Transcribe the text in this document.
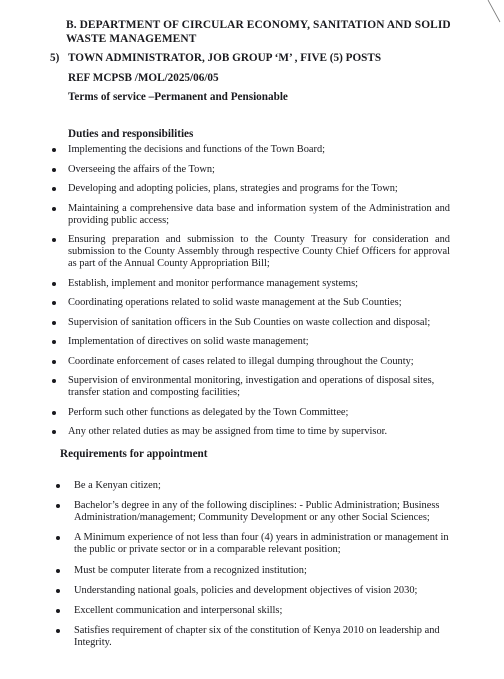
B. DEPARTMENT OF CIRCULAR ECONOMY, SANITATION AND SOLID
WASTE MANAGEMENT
5) TOWN ADMINISTRATOR, JOB GROUP ‘M’ , FIVE (5) POSTS
REF MCPSB /MOL/2025/06/05
Terms of service –Permanent and Pensionable
Duties and responsibilities
Implementing the decisions and functions of the Town Board;
Overseeing the affairs of the Town;
Developing and adopting policies, plans, strategies and programs for the Town;
Maintaining a comprehensive data base and information system of the Administration and providing public access;
Ensuring preparation and submission to the County Treasury for consideration and submission to the County Assembly through respective County Chief Officers for approval as part of the Annual County Appropriation Bill;
Establish, implement and monitor performance management systems;
Coordinating operations related to solid waste management at the Sub Counties;
Supervision of sanitation officers in the Sub Counties on waste collection and disposal;
Implementation of directives on solid waste management;
Coordinate enforcement of cases related to illegal dumping throughout the County;
Supervision of environmental monitoring, investigation and operations of disposal sites, transfer station and composting facilities;
Perform such other functions as delegated by the Town Committee;
Any other related duties as may be assigned from time to time by supervisor.
Requirements for appointment
Be a Kenyan citizen;
Bachelor’s degree in any of the following disciplines: - Public Administration; Business Administration/management; Community Development or any other Social Sciences;
A Minimum experience of not less than four (4) years in administration or management in the public or private sector or in a comparable relevant position;
Must be computer literate from a recognized institution;
Understanding national goals, policies and development objectives of vision 2030;
Excellent communication and interpersonal skills;
Satisfies requirement of chapter six of the constitution of Kenya 2010 on leadership and Integrity.
